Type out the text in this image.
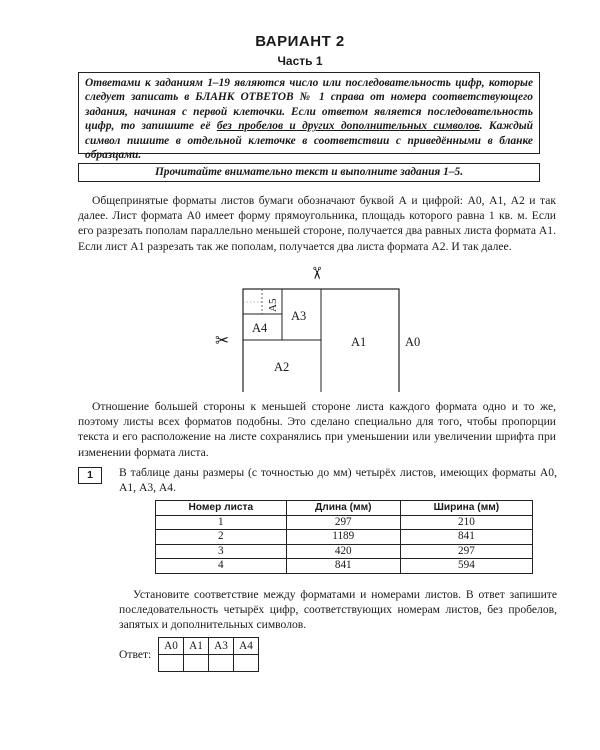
ВАРИАНТ 2
Часть 1
Ответами к заданиям 1–19 являются число или последовательность цифр, которые следует записать в БЛАНК ОТВЕТОВ № 1 справа от номера соответствующего задания, начиная с первой клеточки. Если ответом является последовательность цифр, то запишите её без пробелов и других дополнительных символов. Каждый символ пишите в отдельной клеточке в соответствии с приведёнными в бланке образцами.
Прочитайте внимательно текст и выполните задания 1–5.
Общепринятые форматы листов бумаги обозначают буквой А и цифрой: А0, А1, А2 и так далее. Лист формата А0 имеет форму прямоугольника, площадь которого равна 1 кв. м. Если его разрезать пополам параллельно меньшей стороне, получается два равных листа формата А1. Если лист А1 разрезать так же пополам, получается два листа формата А2. И так далее.
А1	А0
А2
А3
А4
А5
✂
✂
Отношение большей стороны к меньшей стороне листа каждого формата одно и то же, поэтому листы всех форматов подобны. Это сделано специально для того, чтобы пропорции текста и его расположение на листе сохранялись при уменьшении или увеличении шрифта при изменении формата листа.
1	В таблице даны размеры (с точностью до мм) четырёх листов, имеющих форматы А0, А1, А3, А4.
Номер листа	Длина (мм)	Ширина (мм)
1	297	210
2	1189	841
3	420	297
4	841	594
Установите соответствие между форматами и номерами листов. В ответ запишите последовательность четырёх цифр, соответствующих номерам листов, без пробелов, запятых и дополнительных символов.
Ответ:
А0	А1	А3	А4
